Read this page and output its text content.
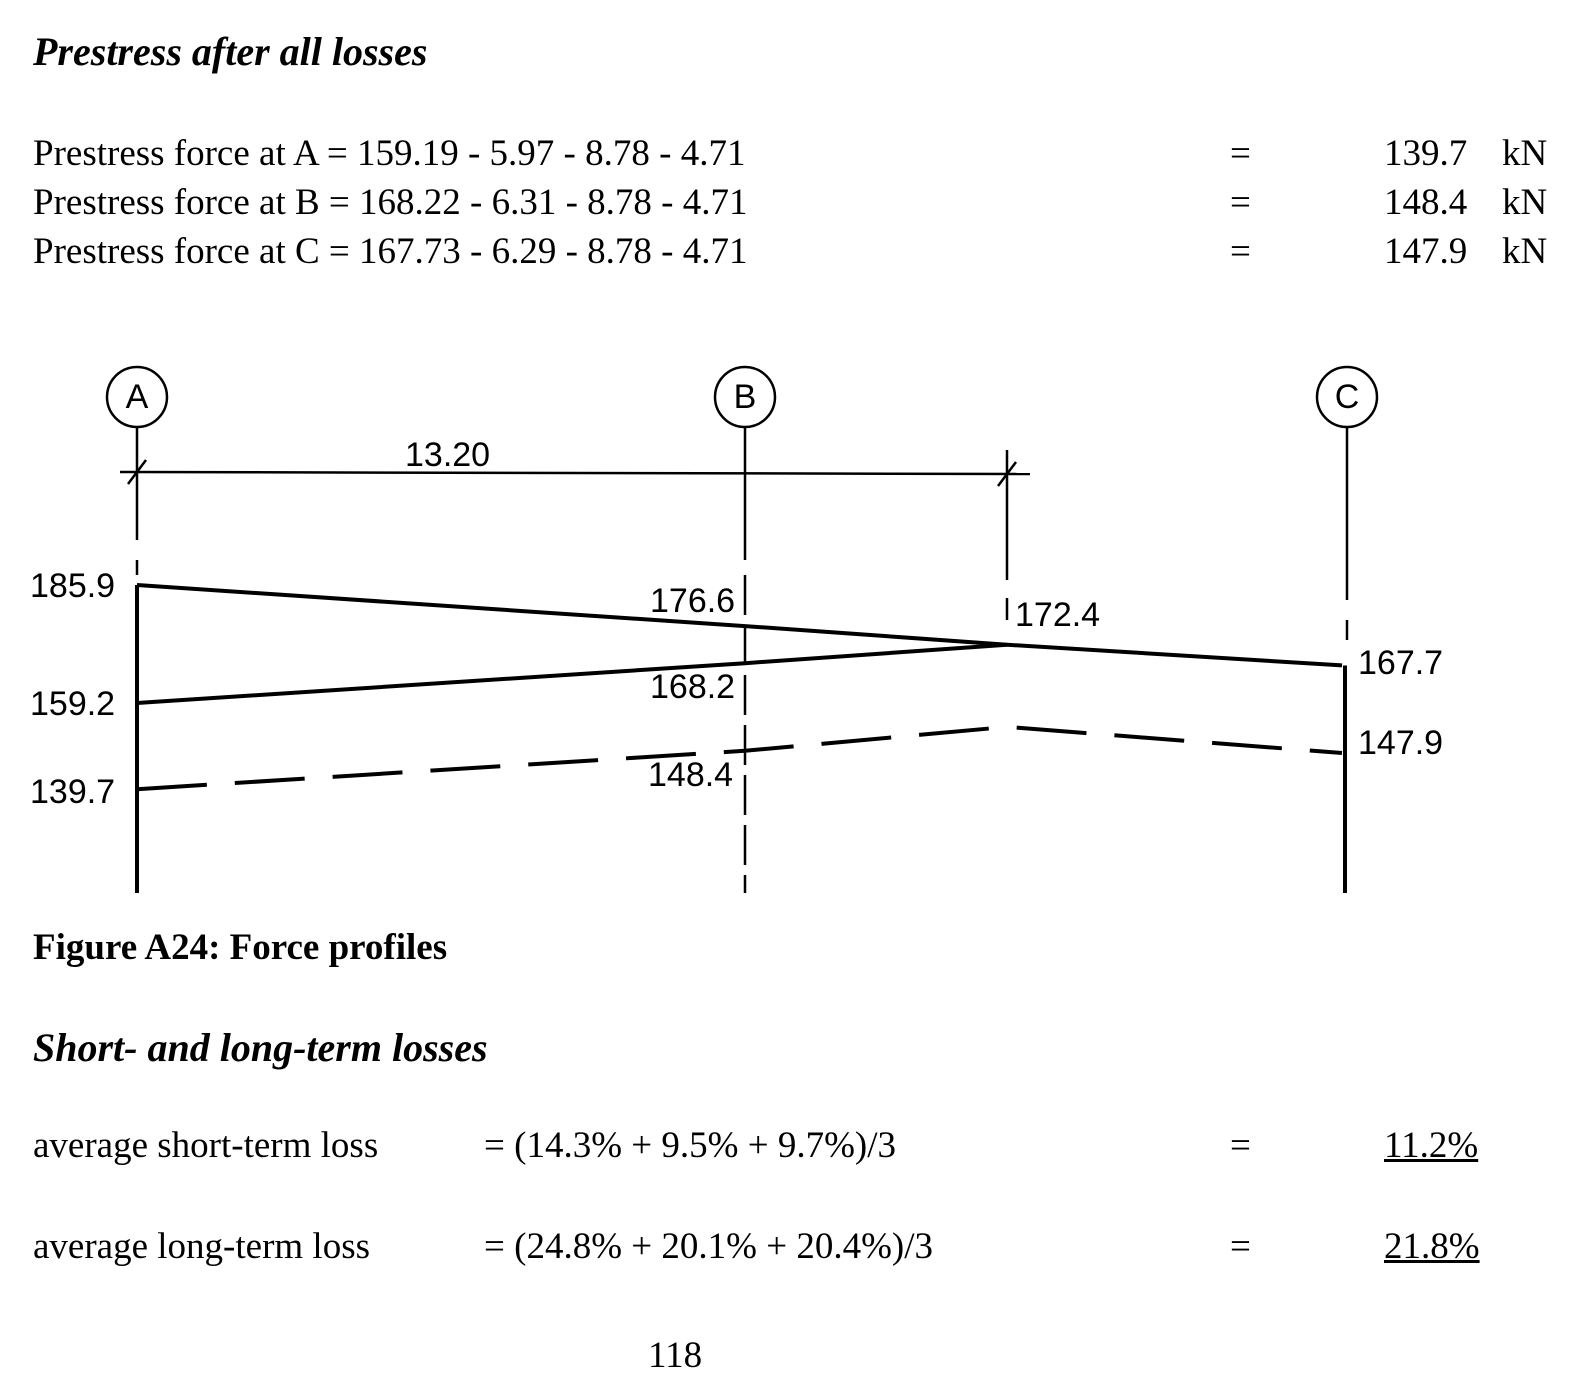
Prestress after all losses
Prestress force at A = 159.19 - 5.97 - 8.78 - 4.71	=	139.7 kN
Prestress force at B = 168.22 - 6.31 - 8.78 - 4.71	=	148.4 kN
Prestress force at C = 167.73 - 6.29 - 8.78 - 4.71	=	147.9 kN
13.20
185.9
159.2
139.7
176.6
168.2
148.4
172.4
167.7
147.9
A	B	C
Figure A24: Force profiles
Short- and long-term losses
average short-term loss	= (14.3% + 9.5% + 9.7%)/3	=	11.2%
average long-term loss	= (24.8% + 20.1% + 20.4%)/3	=	21.8%
118
